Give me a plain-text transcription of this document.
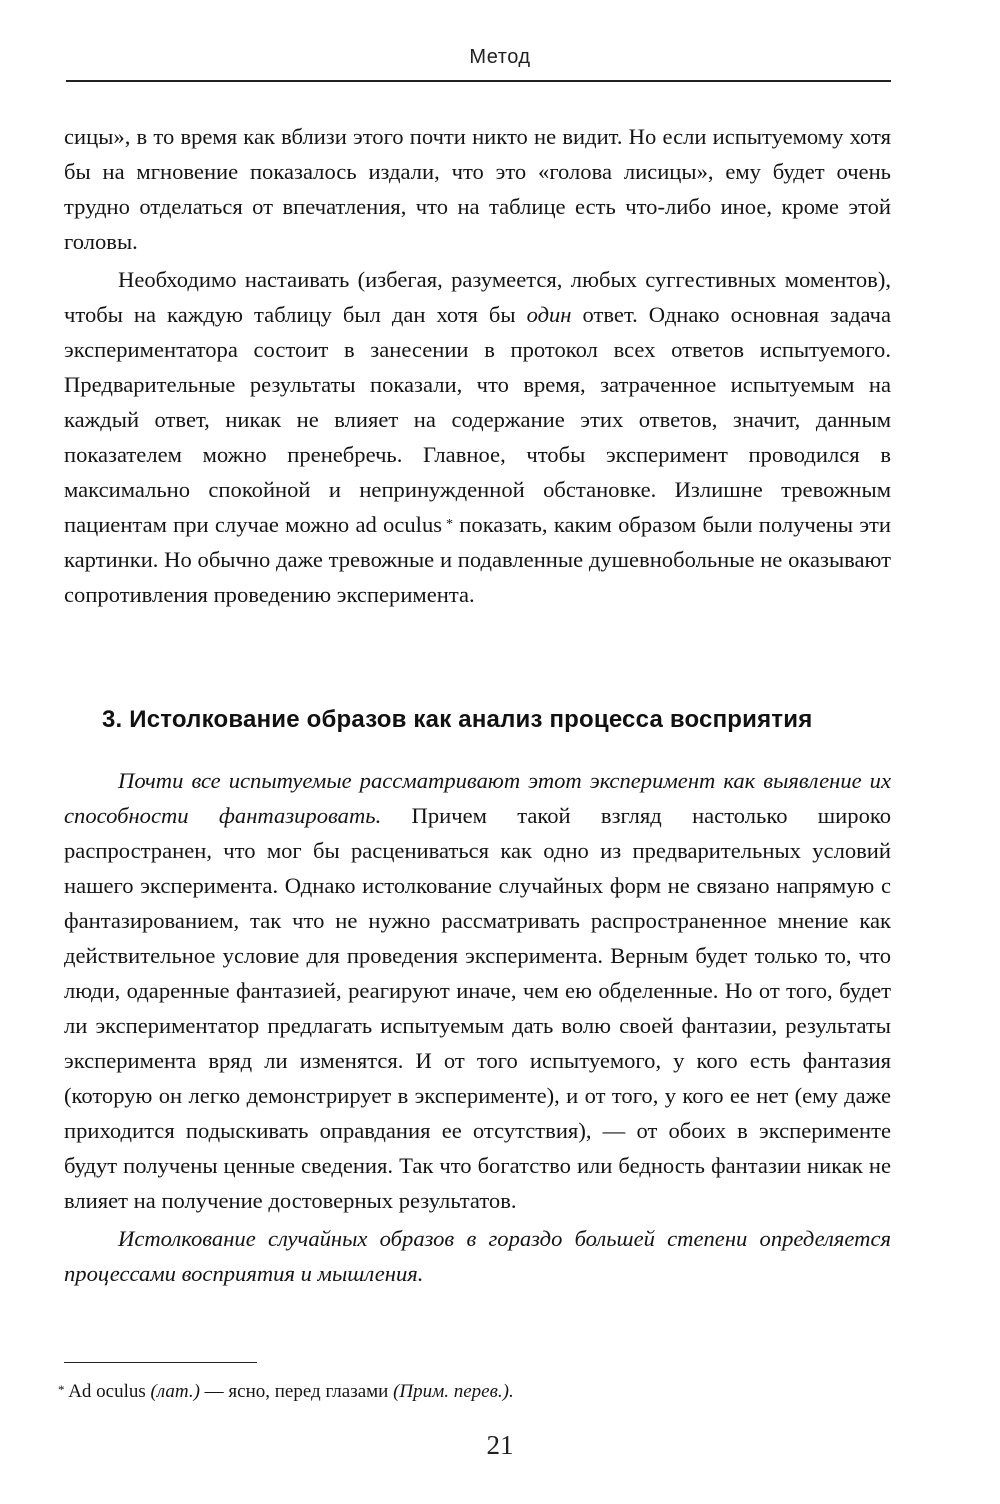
Метод

сицы», в то время как вблизи этого почти никто не видит. Но если испытуемому хотя бы на мгновение показалось издали, что это «голова лисицы», ему будет очень трудно отделаться от впечатления, что на таблице есть что-либо иное, кроме этой головы.

Необходимо настаивать (избегая, разумеется, любых суггестивных моментов), чтобы на каждую таблицу был дан хотя бы один ответ. Однако основная задача экспериментатора состоит в занесении в протокол всех ответов испытуемого. Предварительные результаты показали, что время, затраченное испытуемым на каждый ответ, никак не влияет на содержание этих ответов, значит, данным показателем можно пренебречь. Главное, чтобы эксперимент проводился в максимально спокойной и непринужденной обстановке. Излишне тревожным пациентам при случае можно ad oculus * показать, каким образом были получены эти картинки. Но обычно даже тревожные и подавленные душевнобольные не оказывают сопротивления проведению эксперимента.

3. Истолкование образов как анализ процесса восприятия

Почти все испытуемые рассматривают этот эксперимент как выявление их способности фантазировать. Причем такой взгляд настолько широко распространен, что мог бы расцениваться как одно из предварительных условий нашего эксперимента. Однако истолкование случайных форм не связано напрямую с фантазированием, так что не нужно рассматривать распространенное мнение как действительное условие для проведения эксперимента. Верным будет только то, что люди, одаренные фантазией, реагируют иначе, чем ею обделенные. Но от того, будет ли экспериментатор предлагать испытуемым дать волю своей фантазии, результаты эксперимента вряд ли изменятся. И от того испытуемого, у кого есть фантазия (которую он легко демонстрирует в эксперименте), и от того, у кого ее нет (ему даже приходится подыскивать оправдания ее отсутствия), — от обоих в эксперименте будут получены ценные сведения. Так что богатство или бедность фантазии никак не влияет на получение достоверных результатов.

Истолкование случайных образов в гораздо большей степени определяется процессами восприятия и мышления.

* Ad oculus (лат.) — ясно, перед глазами (Прим. перев.).
21
